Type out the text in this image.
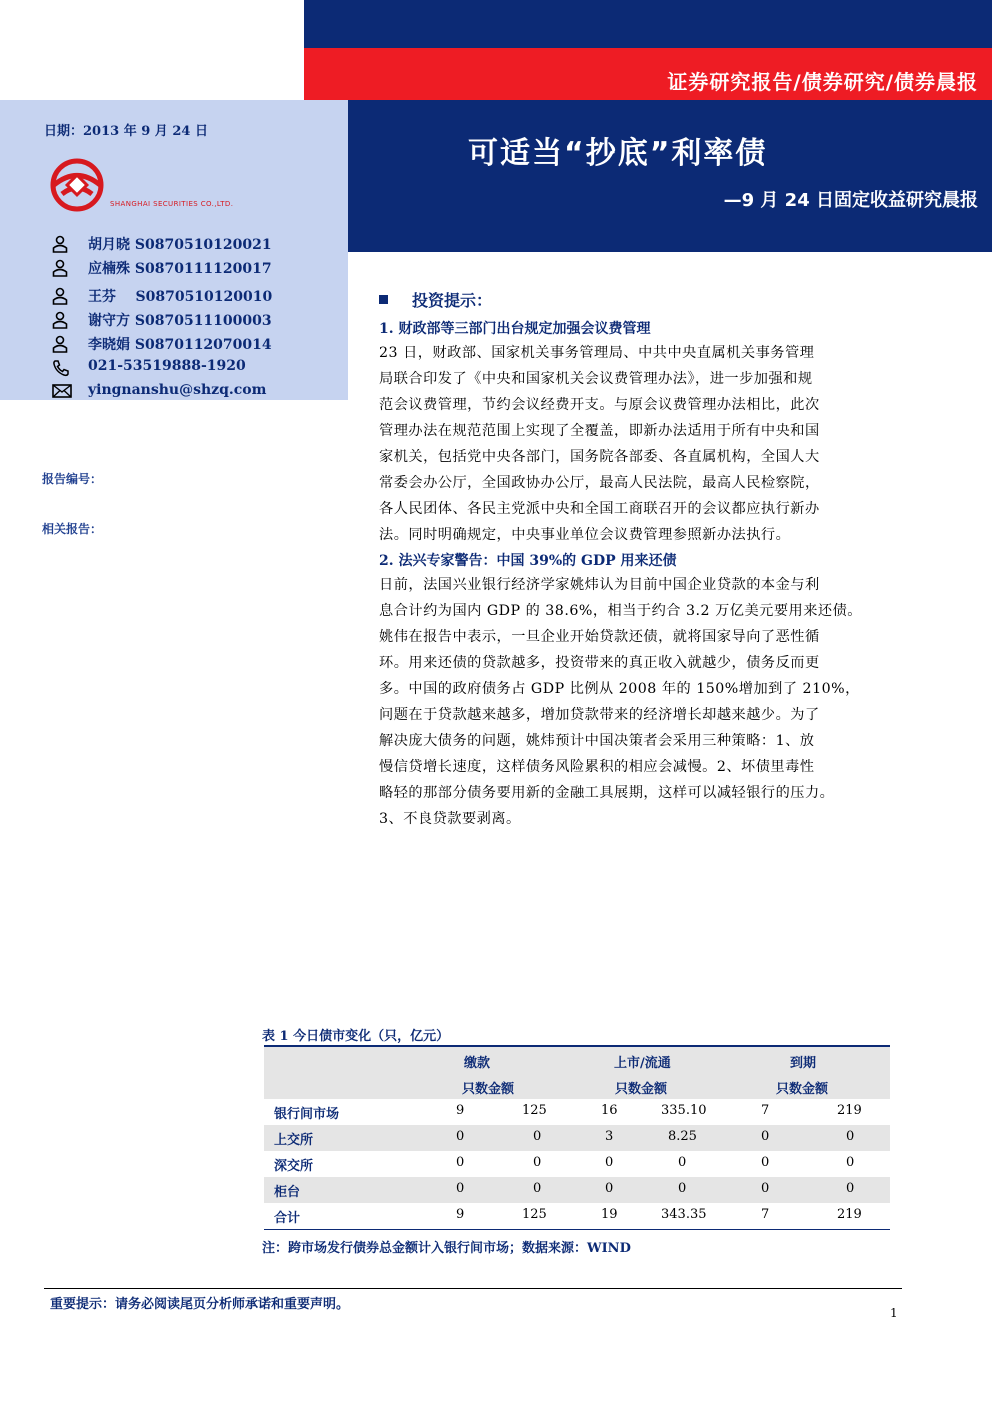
证券研究报告/债券研究/债券晨报
可适当“抄底”利率债
—9 月 24 日固定收益研究晨报
日期：2013 年 9 月 24 日
SHANGHAI SECURITIES CO.,LTD.
胡月晓 S0870510120021
应楠殊 S0870111120017
王芬    S0870510120010
谢守方 S0870511100003
李晓娟 S0870112070014
021-53519888-1920
yingnanshu@shzq.com
报告编号：
相关报告：
投资提示：
1. 财政部等三部门出台规定加强会议费管理
23 日，财政部、国家机关事务管理局、中共中央直属机关事务管理
局联合印发了《中央和国家机关会议费管理办法》，进一步加强和规
范会议费管理，节约会议经费开支。与原会议费管理办法相比，此次
管理办法在规范范围上实现了全覆盖，即新办法适用于所有中央和国
家机关，包括党中央各部门，国务院各部委、各直属机构，全国人大
常委会办公厅，全国政协办公厅，最高人民法院，最高人民检察院，
各人民团体、各民主党派中央和全国工商联召开的会议都应执行新办
法。同时明确规定，中央事业单位会议费管理参照新办法执行。
2. 法兴专家警告：中国 39%的 GDP 用来还债
日前，法国兴业银行经济学家姚炜认为目前中国企业贷款的本金与利
息合计约为国内 GDP 的 38.6%，相当于约合 3.2 万亿美元要用来还债。
姚伟在报告中表示，一旦企业开始贷款还债，就将国家导向了恶性循
环。用来还债的贷款越多，投资带来的真正收入就越少，债务反而更
多。中国的政府债务占 GDP 比例从 2008 年的 150%增加到了 210%，
问题在于贷款越来越多，增加贷款带来的经济增长却越来越少。为了
解决庞大债务的问题，姚炜预计中国决策者会采用三种策略：1、放
慢信贷增长速度，这样债务风险累积的相应会减慢。2、坏债里毒性
略轻的那部分债务要用新的金融工具展期，这样可以减轻银行的压力。
3、不良贷款要剥离。
表 1 今日债市变化（只，亿元）
缴款	上市/流通	到期
只数金额	只数金额	只数金额
银行间市场	9	125	16	335.10	7	219
上交所	0	0	3	8.25	0	0
深交所	0	0	0	0	0	0
柜台	0	0	0	0	0	0
合计	9	125	19	343.35	7	219
注：跨市场发行债券总金额计入银行间市场；数据来源：WIND
重要提示：请务必阅读尾页分析师承诺和重要声明。
1
